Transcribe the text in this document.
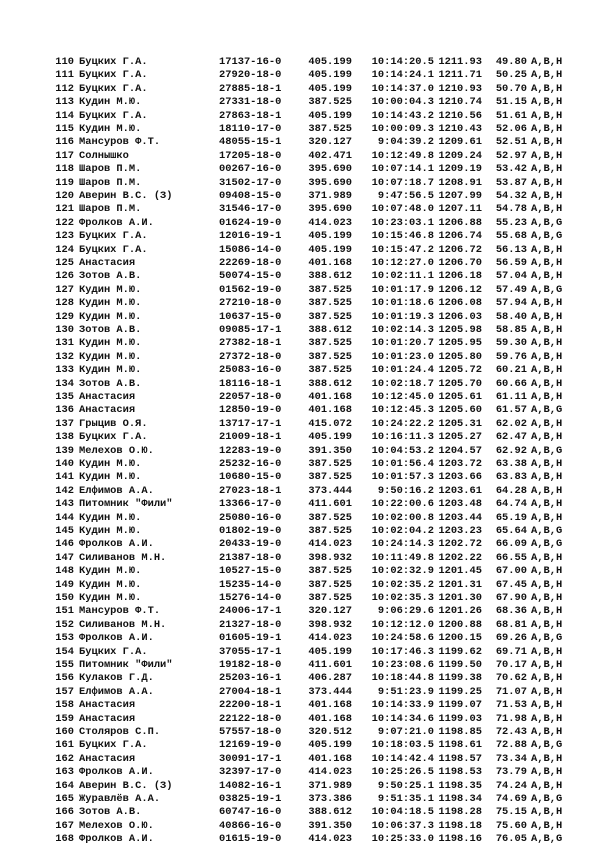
110 Буцких Г.А.	17137-16-0	405.199	10:14:20.5 1211.93	49.80 A,B,H
111 Буцких Г.А.	27920-18-0	405.199	10:14:24.1 1211.71	50.25 A,B,H
112 Буцких Г.А.	27885-18-1	405.199	10:14:37.0 1210.93	50.70 A,B,H
113 Кудин М.Ю.	27331-18-0	387.525	10:00:04.3 1210.74	51.15 A,B,H
114 Буцких Г.А.	27863-18-1	405.199	10:14:43.2 1210.56	51.61 A,B,H
115 Кудин М.Ю.	18110-17-0	387.525	10:00:09.3 1210.43	52.06 A,B,H
116 Мансуров Ф.Т.	48055-15-1	320.127	9:04:39.2 1209.61	52.51 A,B,H
117 Солнышко	17205-18-0	402.471	10:12:49.8 1209.24	52.97 A,B,H
118 Шаров П.М.	00267-16-0	395.690	10:07:14.1 1209.19	53.42 A,B,H
119 Шаров П.М.	31502-17-0	395.690	10:07:18.7 1208.91	53.87 A,B,H
120 Аверин В.С. (З)	09408-15-0	371.989	9:47:56.5 1207.99	54.32 A,B,H
121 Шаров П.М.	31546-17-0	395.690	10:07:48.0 1207.11	54.78 A,B,H
122 Фролков А.И.	01624-19-0	414.023	10:23:03.1 1206.88	55.23 A,B,G
123 Буцких Г.А.	12016-19-1	405.199	10:15:46.8 1206.74	55.68 A,B,G
124 Буцких Г.А.	15086-14-0	405.199	10:15:47.2 1206.72	56.13 A,B,H
125 Анастасия	22269-18-0	401.168	10:12:27.0 1206.70	56.59 A,B,H
126 Зотов А.В.	50074-15-0	388.612	10:02:11.1 1206.18	57.04 A,B,H
127 Кудин М.Ю.	01562-19-0	387.525	10:01:17.9 1206.12	57.49 A,B,G
128 Кудин М.Ю.	27210-18-0	387.525	10:01:18.6 1206.08	57.94 A,B,H
129 Кудин М.Ю.	10637-15-0	387.525	10:01:19.3 1206.03	58.40 A,B,H
130 Зотов А.В.	09085-17-1	388.612	10:02:14.3 1205.98	58.85 A,B,H
131 Кудин М.Ю.	27382-18-1	387.525	10:01:20.7 1205.95	59.30 A,B,H
132 Кудин М.Ю.	27372-18-0	387.525	10:01:23.0 1205.80	59.76 A,B,H
133 Кудин М.Ю.	25083-16-0	387.525	10:01:24.4 1205.72	60.21 A,B,H
134 Зотов А.В.	18116-18-1	388.612	10:02:18.7 1205.70	60.66 A,B,H
135 Анастасия	22057-18-0	401.168	10:12:45.0 1205.61	61.11 A,B,H
136 Анастасия	12850-19-0	401.168	10:12:45.3 1205.60	61.57 A,B,G
137 Грыцив О.Я.	13717-17-1	415.072	10:24:22.2 1205.31	62.02 A,B,H
138 Буцких Г.А.	21009-18-1	405.199	10:16:11.3 1205.27	62.47 A,B,H
139 Мелехов О.Ю.	12283-19-0	391.350	10:04:53.2 1204.57	62.92 A,B,G
140 Кудин М.Ю.	25232-16-0	387.525	10:01:56.4 1203.72	63.38 A,B,H
141 Кудин М.Ю.	10680-15-0	387.525	10:01:57.3 1203.66	63.83 A,B,H
142 Елфимов А.А.	27023-18-1	373.444	9:50:16.2 1203.61	64.28 A,B,H
143 Питомник "Фили"	13366-17-0	411.601	10:22:00.6 1203.48	64.74 A,B,H
144 Кудин М.Ю.	25080-16-0	387.525	10:02:00.8 1203.44	65.19 A,B,H
145 Кудин М.Ю.	01802-19-0	387.525	10:02:04.2 1203.23	65.64 A,B,G
146 Фролков А.И.	20433-19-0	414.023	10:24:14.3 1202.72	66.09 A,B,G
147 Силиванов М.Н.	21387-18-0	398.932	10:11:49.8 1202.22	66.55 A,B,H
148 Кудин М.Ю.	10527-15-0	387.525	10:02:32.9 1201.45	67.00 A,B,H
149 Кудин М.Ю.	15235-14-0	387.525	10:02:35.2 1201.31	67.45 A,B,H
150 Кудин М.Ю.	15276-14-0	387.525	10:02:35.3 1201.30	67.90 A,B,H
151 Мансуров Ф.Т.	24006-17-1	320.127	9:06:29.6 1201.26	68.36 A,B,H
152 Силиванов М.Н.	21327-18-0	398.932	10:12:12.0 1200.88	68.81 A,B,H
153 Фролков А.И.	01605-19-1	414.023	10:24:58.6 1200.15	69.26 A,B,G
154 Буцких Г.А.	37055-17-1	405.199	10:17:46.3 1199.62	69.71 A,B,H
155 Питомник "Фили"	19182-18-0	411.601	10:23:08.6 1199.50	70.17 A,B,H
156 Кулаков Г.Д.	25203-16-1	406.287	10:18:44.8 1199.38	70.62 A,B,H
157 Елфимов А.А.	27004-18-1	373.444	9:51:23.9 1199.25	71.07 A,B,H
158 Анастасия	22200-18-1	401.168	10:14:33.9 1199.07	71.53 A,B,H
159 Анастасия	22122-18-0	401.168	10:14:34.6 1199.03	71.98 A,B,H
160 Столяров С.П.	57557-18-0	320.512	9:07:21.0 1198.85	72.43 A,B,H
161 Буцких Г.А.	12169-19-0	405.199	10:18:03.5 1198.61	72.88 A,B,G
162 Анастасия	30091-17-1	401.168	10:14:42.4 1198.57	73.34 A,B,H
163 Фролков А.И.	32397-17-0	414.023	10:25:26.5 1198.53	73.79 A,B,H
164 Аверин В.С. (З)	14082-16-1	371.989	9:50:25.1 1198.35	74.24 A,B,H
165 Журавлёв А.А.	03825-19-1	373.386	9:51:35.1 1198.34	74.69 A,B,G
166 Зотов А.В.	60747-16-0	388.612	10:04:18.5 1198.28	75.15 A,B,H
167 Мелехов О.Ю.	40866-16-0	391.350	10:06:37.3 1198.18	75.60 A,B,H
168 Фролков А.И.	01615-19-0	414.023	10:25:33.0 1198.16	76.05 A,B,G
